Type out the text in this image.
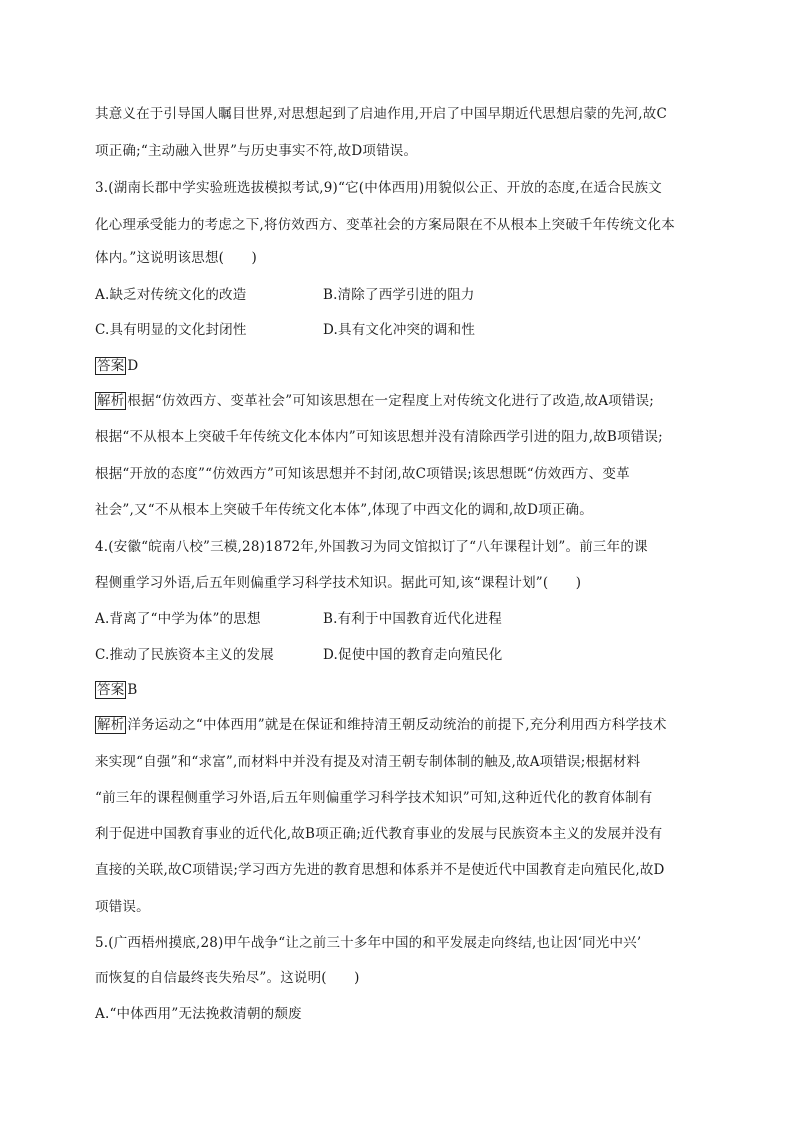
其意义在于引导国人瞩目世界,对思想起到了启迪作用,开启了中国早期近代思想启蒙的先河,故C
项正确;“主动融入世界”与历史事实不符,故D项错误。
3.(湖南长郡中学实验班选拔模拟考试,9)“它(中体西用)用貌似公正、开放的态度,在适合民族文
化心理承受能力的考虑之下,将仿效西方、变革社会的方案局限在不从根本上突破千年传统文化本
体内。”这说明该思想(　　)
A.缺乏对传统文化的改造	B.清除了西学引进的阻力
C.具有明显的文化封闭性	D.具有文化冲突的调和性
答案 D
解析 根据“仿效西方、变革社会”可知该思想在一定程度上对传统文化进行了改造,故A项错误;
根据“不从根本上突破千年传统文化本体内”可知该思想并没有清除西学引进的阻力,故B项错误;
根据“开放的态度”“仿效西方”可知该思想并不封闭,故C项错误;该思想既“仿效西方、变革
社会”,又“不从根本上突破千年传统文化本体”,体现了中西文化的调和,故D项正确。
4.(安徽“皖南八校”三模,28)1872年,外国教习为同文馆拟订了“八年课程计划”。前三年的课
程侧重学习外语,后五年则偏重学习科学技术知识。据此可知,该“课程计划”(　　)
A.背离了“中学为体”的思想	B.有利于中国教育近代化进程
C.推动了民族资本主义的发展	D.促使中国的教育走向殖民化
答案 B
解析 洋务运动之“中体西用”就是在保证和维持清王朝反动统治的前提下,充分利用西方科学技术
来实现“自强”和“求富”,而材料中并没有提及对清王朝专制体制的触及,故A项错误;根据材料
“前三年的课程侧重学习外语,后五年则偏重学习科学技术知识”可知,这种近代化的教育体制有
利于促进中国教育事业的近代化,故B项正确;近代教育事业的发展与民族资本主义的发展并没有
直接的关联,故C项错误;学习西方先进的教育思想和体系并不是使近代中国教育走向殖民化,故D
项错误。
5.(广西梧州摸底,28)甲午战争“让之前三十多年中国的和平发展走向终结,也让因‘同光中兴’
而恢复的自信最终丧失殆尽”。这说明(　　)
A.“中体西用”无法挽救清朝的颓废
